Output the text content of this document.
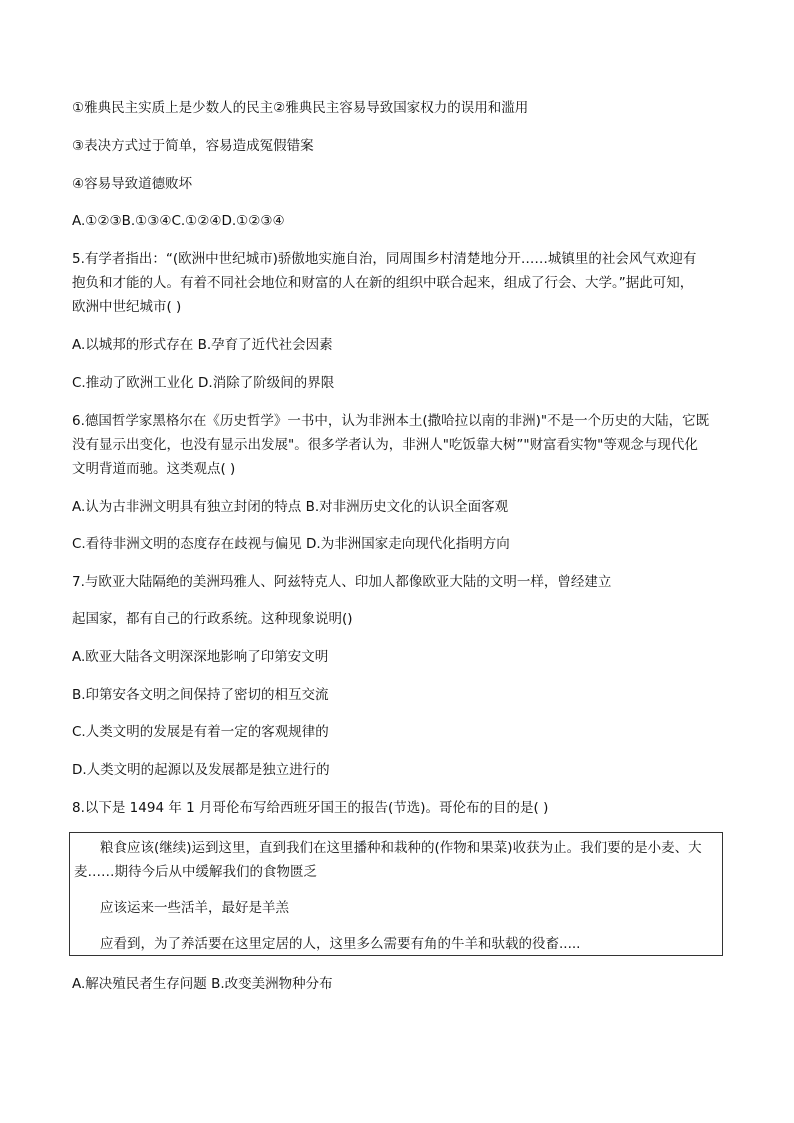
①雅典民主实质上是少数人的民主②雅典民主容易导致国家权力的误用和滥用
③表决方式过于简单，容易造成冤假错案
④容易导致道德败坏
A.①②③B.①③④C.①②④D.①②③④
5.有学者指出：“(欧洲中世纪城市)骄傲地实施自治，同周围乡村清楚地分开……城镇里的社会风气欢迎有
抱负和才能的人。有着不同社会地位和财富的人在新的组织中联合起来，组成了行会、大学。”据此可知，
欧洲中世纪城市( )
A.以城邦的形式存在 B.孕育了近代社会因素
C.推动了欧洲工业化 D.消除了阶级间的界限
6.德国哲学家黑格尔在《历史哲学》一书中，认为非洲本土(撒哈拉以南的非洲)"不是一个历史的大陆，它既
没有显示出变化，也没有显示出发展"。很多学者认为，非洲人"吃饭靠大树”"财富看实物"等观念与现代化
文明背道而驰。这类观点( )
A.认为古非洲文明具有独立封闭的特点 B.对非洲历史文化的认识全面客观
C.看待非洲文明的态度存在歧视与偏见 D.为非洲国家走向现代化指明方向
7.与欧亚大陆隔绝的美洲玛雅人、阿兹特克人、印加人都像欧亚大陆的文明一样，曾经建立
起国家，都有自己的行政系统。这种现象说明()
A.欧亚大陆各文明深深地影响了印第安文明
B.印第安各文明之间保持了密切的相互交流
C.人类文明的发展是有着一定的客观规律的
D.人类文明的起源以及发展都是独立进行的
8.以下是 1494 年 1 月哥伦布写给西班牙国王的报告(节选)。哥伦布的目的是( )
粮食应该(继续)运到这里，直到我们在这里播种和栽种的(作物和果菜)收获为止。我们要的是小麦、大
麦……期待今后从中缓解我们的食物匮乏
应该运来一些活羊，最好是羊羔
应看到，为了养活要在这里定居的人，这里多么需要有角的牛羊和驮载的役畜.....
A.解决殖民者生存问题 B.改变美洲物种分布
